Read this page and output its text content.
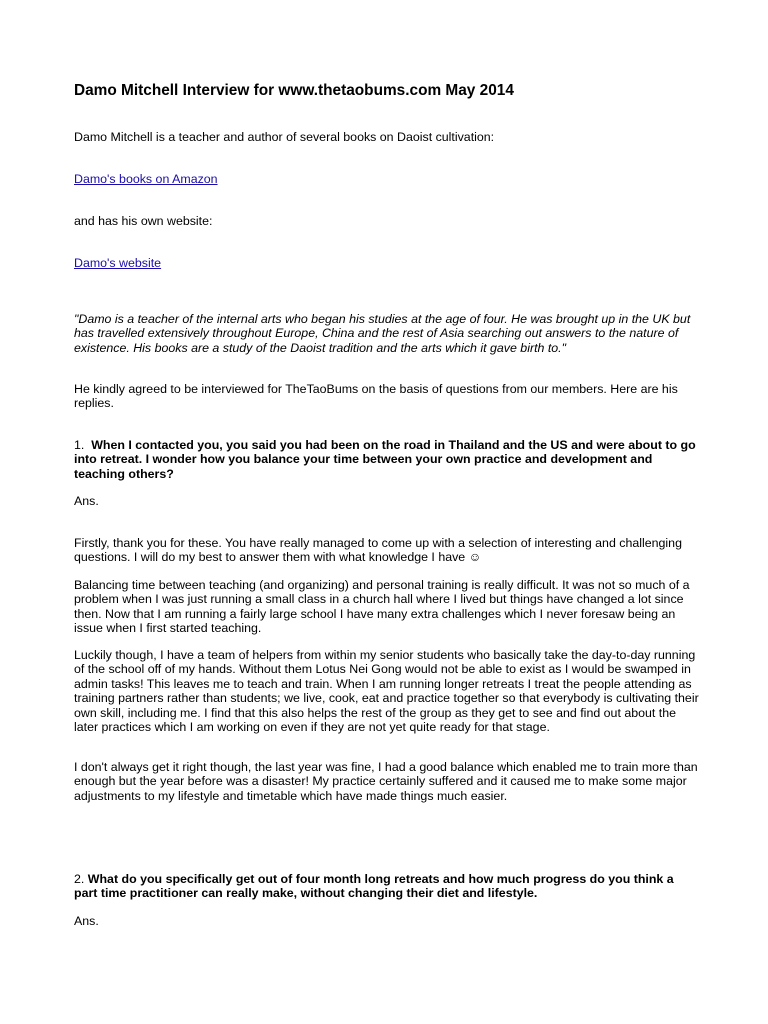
Damo Mitchell Interview for www.thetaobums.com May 2014

Damo Mitchell is a teacher and author of several books on Daoist cultivation:

Damo's books on Amazon

and has his own website:

Damo's website

"Damo is a teacher of the internal arts who began his studies at the age of four. He was brought up in the UK but has travelled extensively throughout Europe, China and the rest of Asia searching out answers to the nature of existence. His books are a study of the Daoist tradition and the arts which it gave birth to."

He kindly agreed to be interviewed for TheTaoBums on the basis of questions from our members. Here are his replies.

1. When I contacted you, you said you had been on the road in Thailand and the US and were about to go into retreat. I wonder how you balance your time between your own practice and development and teaching others?

Ans.

Firstly, thank you for these. You have really managed to come up with a selection of interesting and challenging questions. I will do my best to answer them with what knowledge I have ☺

Balancing time between teaching (and organizing) and personal training is really difficult. It was not so much of a problem when I was just running a small class in a church hall where I lived but things have changed a lot since then. Now that I am running a fairly large school I have many extra challenges which I never foresaw being an issue when I first started teaching.

Luckily though, I have a team of helpers from within my senior students who basically take the day-to-day running of the school off of my hands. Without them Lotus Nei Gong would not be able to exist as I would be swamped in admin tasks! This leaves me to teach and train. When I am running longer retreats I treat the people attending as training partners rather than students; we live, cook, eat and practice together so that everybody is cultivating their own skill, including me. I find that this also helps the rest of the group as they get to see and find out about the later practices which I am working on even if they are not yet quite ready for that stage.

I don't always get it right though, the last year was fine, I had a good balance which enabled me to train more than enough but the year before was a disaster! My practice certainly suffered and it caused me to make some major adjustments to my lifestyle and timetable which have made things much easier.

2. What do you specifically get out of four month long retreats and how much progress do you think a part time practitioner can really make, without changing their diet and lifestyle.

Ans.
